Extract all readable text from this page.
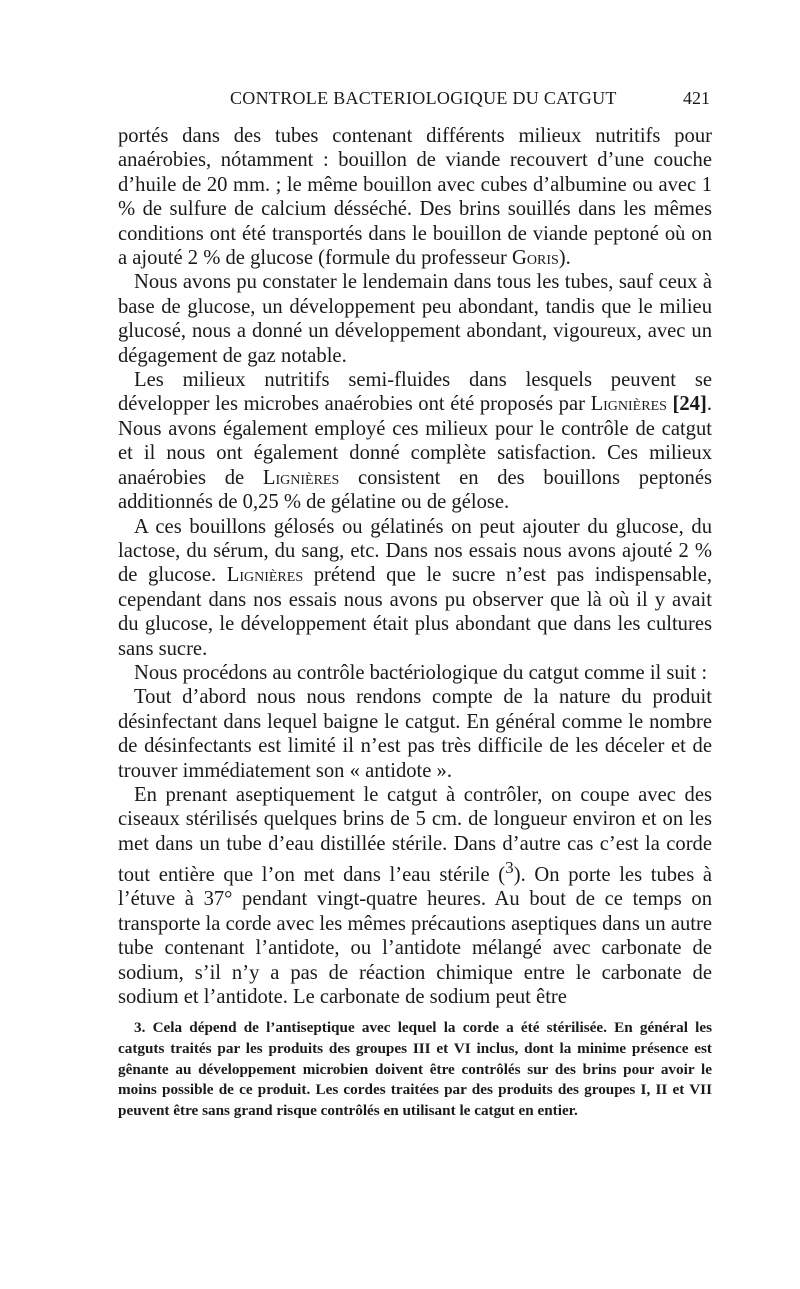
CONTROLE BACTERIOLOGIQUE DU CATGUT	421

portés dans des tubes contenant différents milieux nutritifs pour anaérobies, nótamment : bouillon de viande recouvert d’une couche d’huile de 20 mm. ; le même bouillon avec cubes d’albumine ou avec 1 % de sulfure de calcium désséché. Des brins souillés dans les mêmes conditions ont été transportés dans le bouillon de viande peptoné où on a ajouté 2 % de glucose (formule du professeur Goris).

Nous avons pu constater le lendemain dans tous les tubes, sauf ceux à base de glucose, un développement peu abondant, tandis que le milieu glucosé, nous a donné un développement abondant, vigoureux, avec un dégagement de gaz notable.

Les milieux nutritifs semi-fluides dans lesquels peuvent se développer les microbes anaérobies ont été proposés par Lignières [24]. Nous avons également employé ces milieux pour le contrôle de catgut et il nous ont également donné complète satisfaction. Ces milieux anaérobies de Lignières consistent en des bouillons peptonés additionnés de 0,25 % de gélatine ou de gélose.

A ces bouillons gélosés ou gélatinés on peut ajouter du glucose, du lactose, du sérum, du sang, etc. Dans nos essais nous avons ajouté 2 % de glucose. Lignières prétend que le sucre n’est pas indispensable, cependant dans nos essais nous avons pu observer que là où il y avait du glucose, le développement était plus abondant que dans les cultures sans sucre.

Nous procédons au contrôle bactériologique du catgut comme il suit :

Tout d’abord nous nous rendons compte de la nature du produit désinfectant dans lequel baigne le catgut. En général comme le nombre de désinfectants est limité il n’est pas très difficile de les déceler et de trouver immédiatement son « antidote ».

En prenant aseptiquement le catgut à contrôler, on coupe avec des ciseaux stérilisés quelques brins de 5 cm. de longueur environ et on les met dans un tube d’eau distillée stérile. Dans d’autre cas c’est la corde tout entière que l’on met dans l’eau stérile ($^3$). On porte les tubes à l’étuve à 37° pendant vingt-quatre heures. Au bout de ce temps on transporte la corde avec les mêmes précautions aseptiques dans un autre tube contenant l’antidote, ou l’antidote mélangé avec carbonate de sodium, s’il n’y a pas de réaction chimique entre le carbonate de sodium et l’antidote. Le carbonate de sodium peut être

3. Cela dépend de l’antiseptique avec lequel la corde a été stérilisée. En général les catguts traités par les produits des groupes III et VI inclus, dont la minime présence est gênante au développement microbien doivent être contrôlés sur des brins pour avoir le moins possible de ce produit. Les cordes traitées par des produits des groupes I, II et VII peuvent être sans grand risque contrôlés en utilisant le catgut en entier.
